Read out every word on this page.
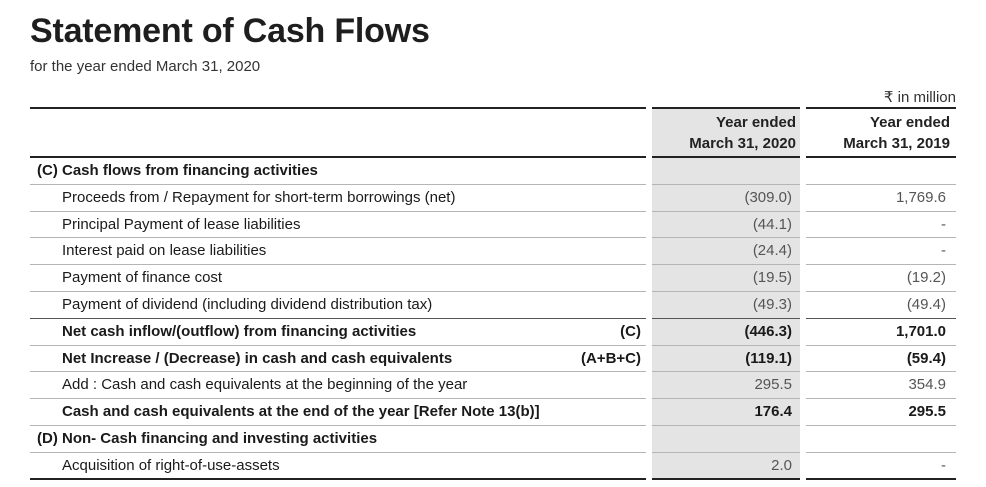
Statement of Cash Flows
for the year ended March 31, 2020
₹ in million
Year ended
March 31, 2020
Year ended
March 31, 2019
(C) Cash flows from financing activities
Proceeds from / Repayment for short-term borrowings (net)	(309.0)	1,769.6
Principal Payment of lease liabilities	(44.1)	-
Interest paid on lease liabilities	(24.4)	-
Payment of finance cost	(19.5)	(19.2)
Payment of dividend (including dividend distribution tax)	(49.3)	(49.4)
Net cash inflow/(outflow) from financing activities	(C)	(446.3)	1,701.0
Net Increase / (Decrease) in cash and cash equivalents	(A+B+C)	(119.1)	(59.4)
Add : Cash and cash equivalents at the beginning of the year	295.5	354.9
Cash and cash equivalents at the end of the year [Refer Note 13(b)]	176.4	295.5
(D) Non- Cash financing and investing activities
Acquisition of right-of-use-assets	2.0	-
